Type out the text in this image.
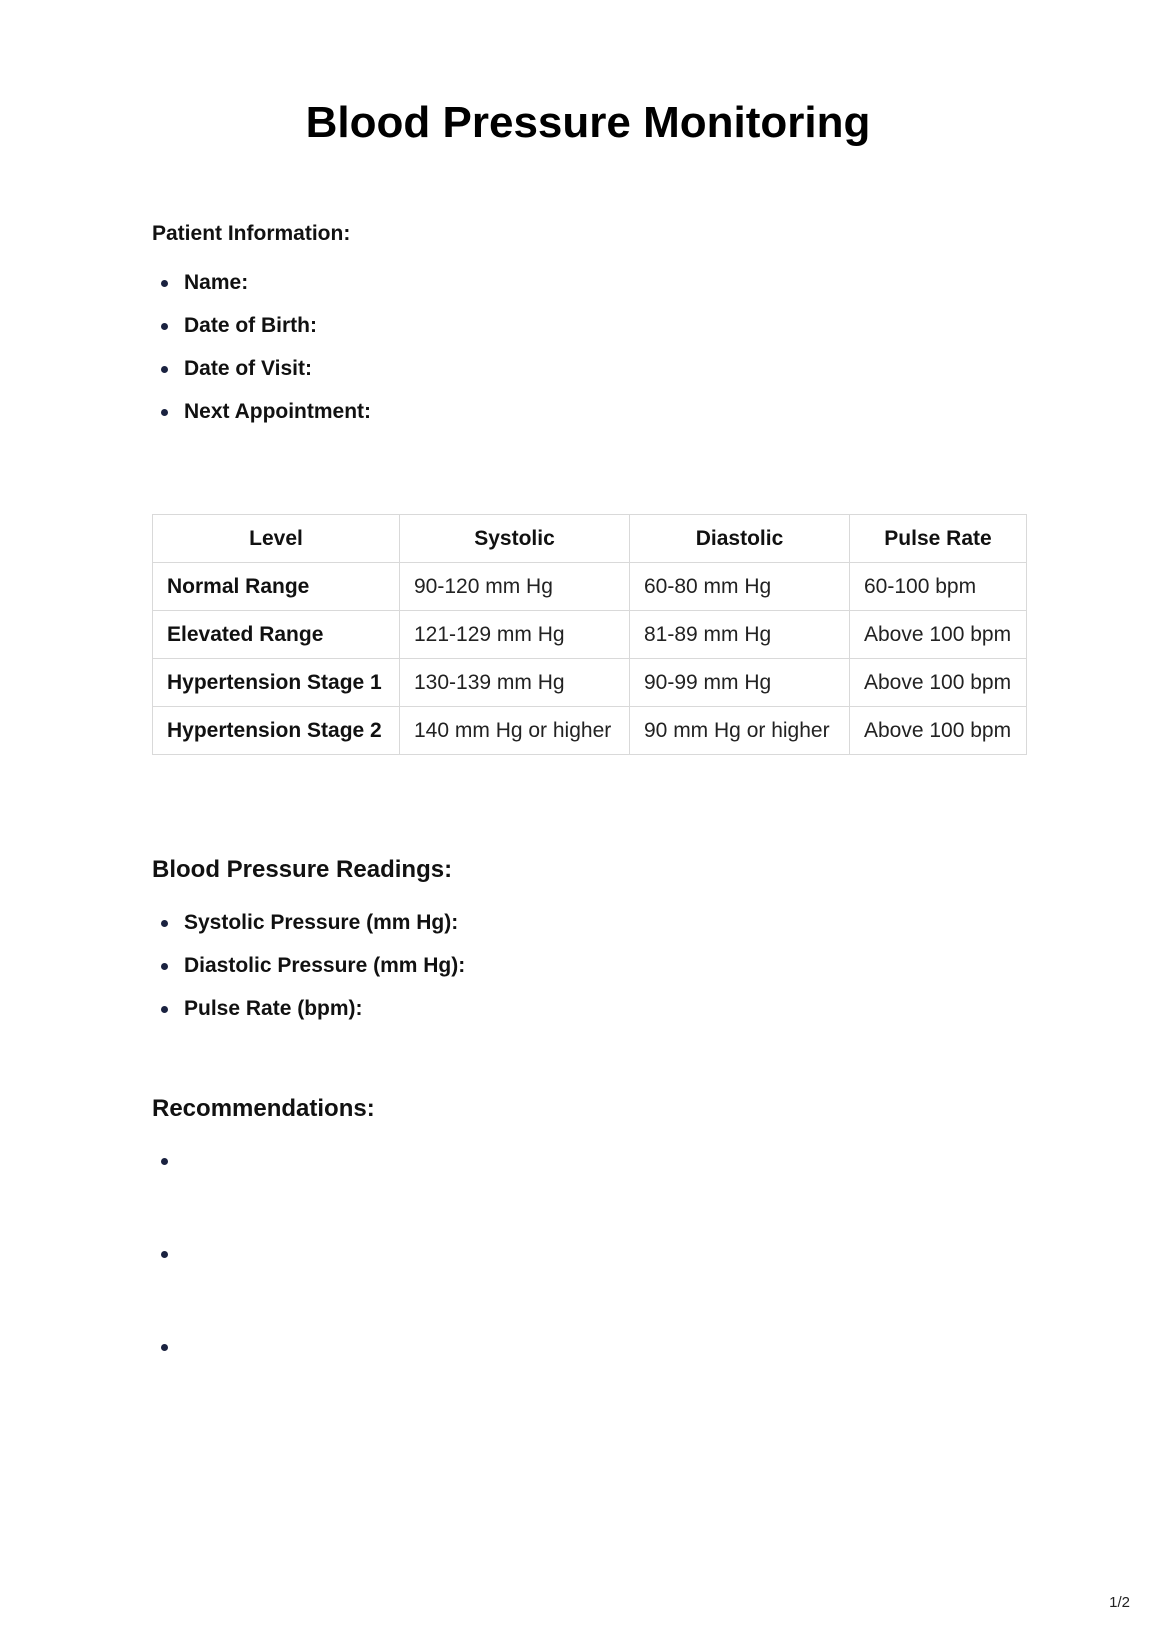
Blood Pressure Monitoring
Patient Information:
Name:
Date of Birth:
Date of Visit:
Next Appointment:
Level	Systolic	Diastolic	Pulse Rate
Normal Range	90-120 mm Hg	60-80 mm Hg	60-100 bpm
Elevated Range	121-129 mm Hg	81-89 mm Hg	Above 100 bpm
Hypertension Stage 1	130-139 mm Hg	90-99 mm Hg	Above 100 bpm
Hypertension Stage 2	140 mm Hg or higher	90 mm Hg or higher	Above 100 bpm
Blood Pressure Readings:
Systolic Pressure (mm Hg):
Diastolic Pressure (mm Hg):
Pulse Rate (bpm):
Recommendations:
1/2
